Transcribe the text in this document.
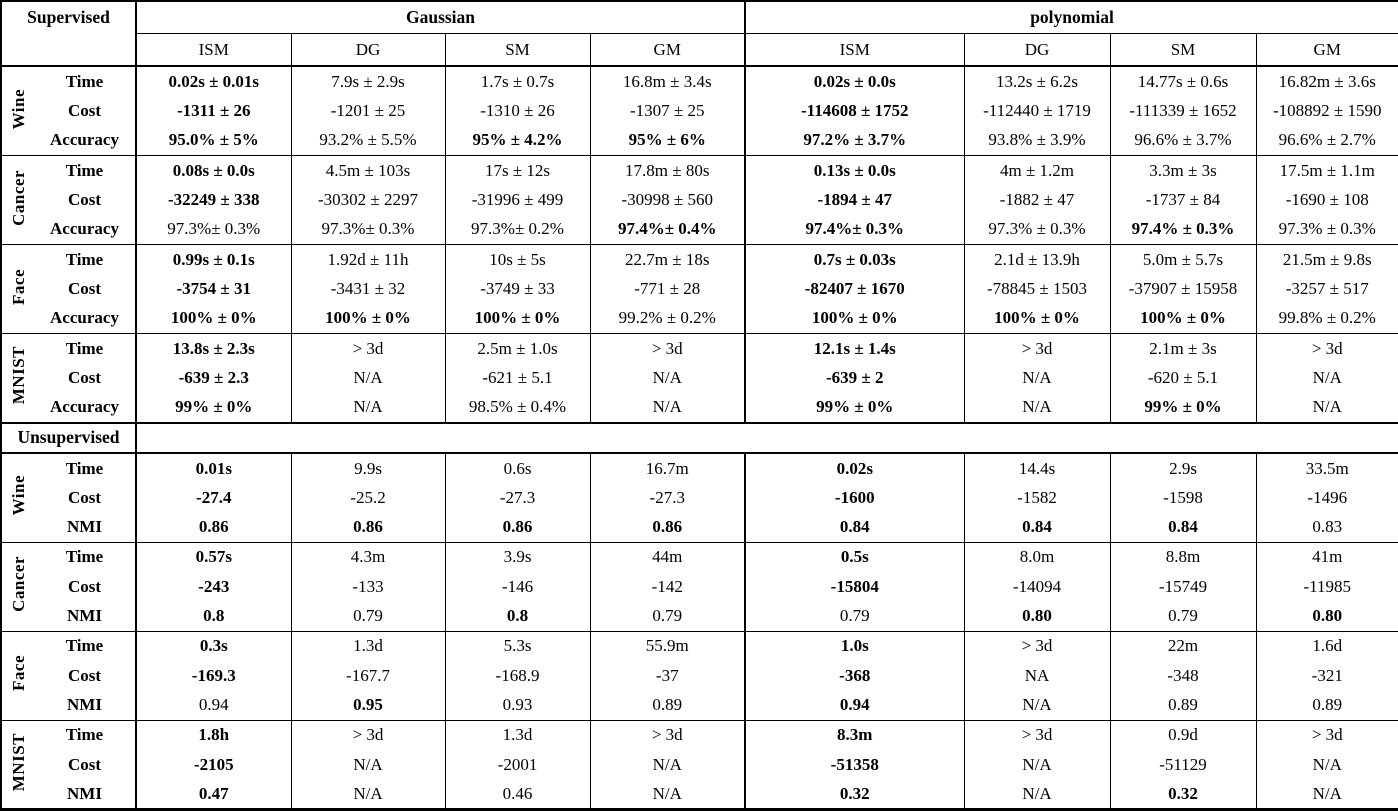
Supervised		Gaussian				polynomial			
		ISM	DG	SM	GM	ISM	DG	SM	GM
Wine	Time	0.02s ± 0.01s	7.9s ± 2.9s	1.7s ± 0.7s	16.8m ± 3.4s	0.02s ± 0.0s	13.2s ± 6.2s	14.77s ± 0.6s	16.82m ± 3.6s
	Cost	-1311 ± 26	-1201 ± 25	-1310 ± 26	-1307 ± 25	-114608 ± 1752	-112440 ± 1719	-111339 ± 1652	-108892 ± 1590
	Accuracy	95.0% ± 5%	93.2% ± 5.5%	95% ± 4.2%	95% ± 6%	97.2% ± 3.7%	93.8% ± 3.9%	96.6% ± 3.7%	96.6% ± 2.7%
Cancer	Time	0.08s ± 0.0s	4.5m ± 103s	17s ± 12s	17.8m ± 80s	0.13s ± 0.0s	4m ± 1.2m	3.3m ± 3s	17.5m ± 1.1m
	Cost	-32249 ± 338	-30302 ± 2297	-31996 ± 499	-30998 ± 560	-1894 ± 47	-1882 ± 47	-1737 ± 84	-1690 ± 108
	Accuracy	97.3%± 0.3%	97.3%± 0.3%	97.3%± 0.2%	97.4%± 0.4%	97.4%± 0.3%	97.3% ± 0.3%	97.4% ± 0.3%	97.3% ± 0.3%
Face	Time	0.99s ± 0.1s	1.92d ± 11h	10s ± 5s	22.7m ± 18s	0.7s ± 0.03s	2.1d ± 13.9h	5.0m ± 5.7s	21.5m ± 9.8s
	Cost	-3754 ± 31	-3431 ± 32	-3749 ± 33	-771 ± 28	-82407 ± 1670	-78845 ± 1503	-37907 ± 15958	-3257 ± 517
	Accuracy	100% ± 0%	100% ± 0%	100% ± 0%	99.2% ± 0.2%	100% ± 0%	100% ± 0%	100% ± 0%	99.8% ± 0.2%
MNIST	Time	13.8s ± 2.3s	> 3d	2.5m ± 1.0s	> 3d	12.1s ± 1.4s	> 3d	2.1m ± 3s	> 3d
	Cost	-639 ± 2.3	N/A	-621 ± 5.1	N/A	-639 ± 2	N/A	-620 ± 5.1	N/A
	Accuracy	99% ± 0%	N/A	98.5% ± 0.4%	N/A	99% ± 0%	N/A	99% ± 0%	N/A
Unsupervised									
Wine	Time	0.01s	9.9s	0.6s	16.7m	0.02s	14.4s	2.9s	33.5m
	Cost	-27.4	-25.2	-27.3	-27.3	-1600	-1582	-1598	-1496
	NMI	0.86	0.86	0.86	0.86	0.84	0.84	0.84	0.83
Cancer	Time	0.57s	4.3m	3.9s	44m	0.5s	8.0m	8.8m	41m
	Cost	-243	-133	-146	-142	-15804	-14094	-15749	-11985
	NMI	0.8	0.79	0.8	0.79	0.79	0.80	0.79	0.80
Face	Time	0.3s	1.3d	5.3s	55.9m	1.0s	> 3d	22m	1.6d
	Cost	-169.3	-167.7	-168.9	-37	-368	NA	-348	-321
	NMI	0.94	0.95	0.93	0.89	0.94	N/A	0.89	0.89
MNIST	Time	1.8h	> 3d	1.3d	> 3d	8.3m	> 3d	0.9d	> 3d
	Cost	-2105	N/A	-2001	N/A	-51358	N/A	-51129	N/A
	NMI	0.47	N/A	0.46	N/A	0.32	N/A	0.32	N/A
